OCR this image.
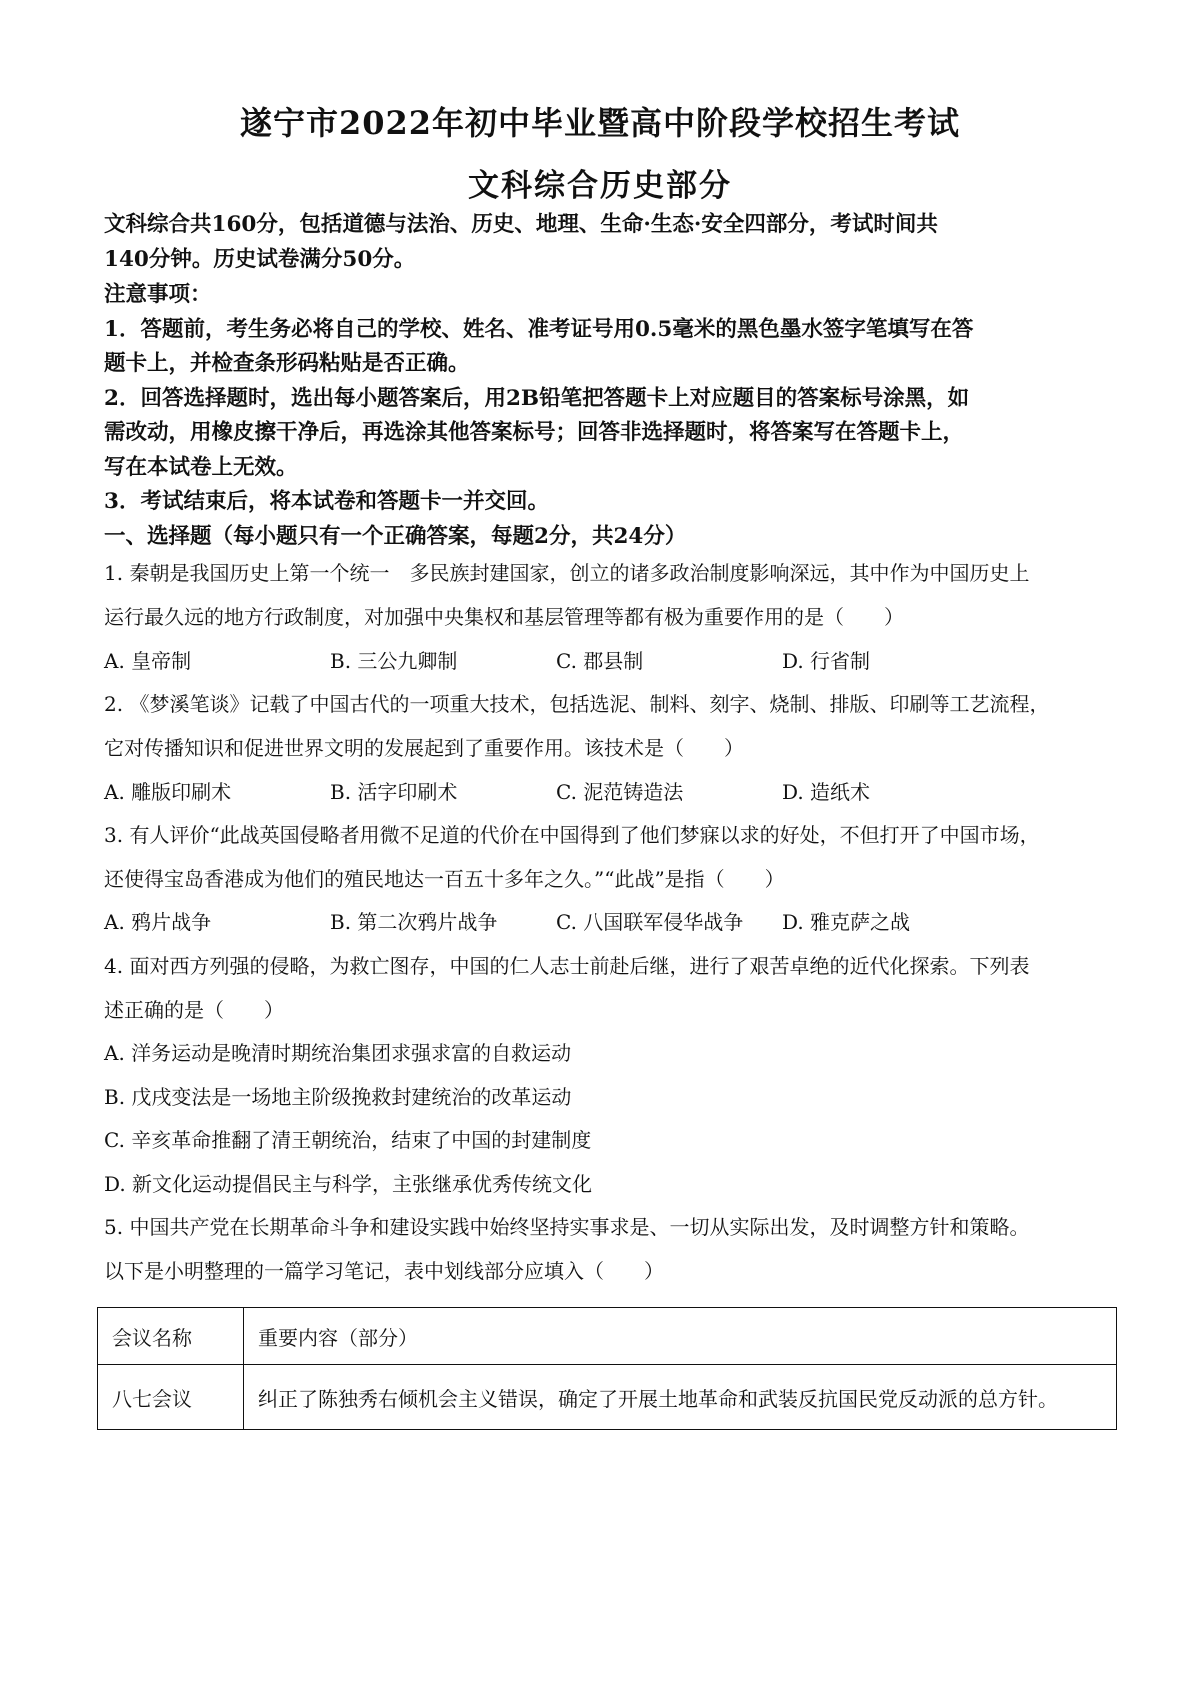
遂宁市2022年初中毕业暨高中阶段学校招生考试
文科综合历史部分
文科综合共160分，包括道德与法治、历史、地理、生命·生态·安全四部分，考试时间共
140分钟。历史试卷满分50分。
注意事项：
1．答题前，考生务必将自己的学校、姓名、准考证号用0.5毫米的黑色墨水签字笔填写在答
题卡上，并检查条形码粘贴是否正确。
2．回答选择题时，选出每小题答案后，用2B铅笔把答题卡上对应题目的答案标号涂黑，如
需改动，用橡皮擦干净后，再选涂其他答案标号；回答非选择题时，将答案写在答题卡上，
写在本试卷上无效。
3．考试结束后，将本试卷和答题卡一并交回。
一、选择题（每小题只有一个正确答案，每题2分，共24分）
1. 秦朝是我国历史上第一个统一　多民族封建国家，创立的诸多政治制度影响深远，其中作为中国历史上
运行最久远的地方行政制度，对加强中央集权和基层管理等都有极为重要作用的是（　　）
A. 皇帝制	B. 三公九卿制	C. 郡县制	D. 行省制
2. 《梦溪笔谈》记载了中国古代的一项重大技术，包括选泥、制料、刻字、烧制、排版、印刷等工艺流程，
它对传播知识和促进世界文明的发展起到了重要作用。该技术是（　　）
A. 雕版印刷术	B. 活字印刷术	C. 泥范铸造法	D. 造纸术
3. 有人评价“此战英国侵略者用微不足道的代价在中国得到了他们梦寐以求的好处，不但打开了中国市场，
还使得宝岛香港成为他们的殖民地达一百五十多年之久。”“此战”是指（　　）
A. 鸦片战争	B. 第二次鸦片战争	C. 八国联军侵华战争 D. 雅克萨之战
4. 面对西方列强的侵略，为救亡图存，中国的仁人志士前赴后继，进行了艰苦卓绝的近代化探索。下列表
述正确的是（　　）
A. 洋务运动是晚清时期统治集团求强求富的自救运动
B. 戊戌变法是一场地主阶级挽救封建统治的改革运动
C. 辛亥革命推翻了清王朝统治，结束了中国的封建制度
D. 新文化运动提倡民主与科学，主张继承优秀传统文化
5. 中国共产党在长期革命斗争和建设实践中始终坚持实事求是、一切从实际出发，及时调整方针和策略。
以下是小明整理的一篇学习笔记，表中划线部分应填入（　　）
会议名称	重要内容（部分）
八七会议	纠正了陈独秀右倾机会主义错误，确定了开展土地革命和武装反抗国民党反动派的总方针。
